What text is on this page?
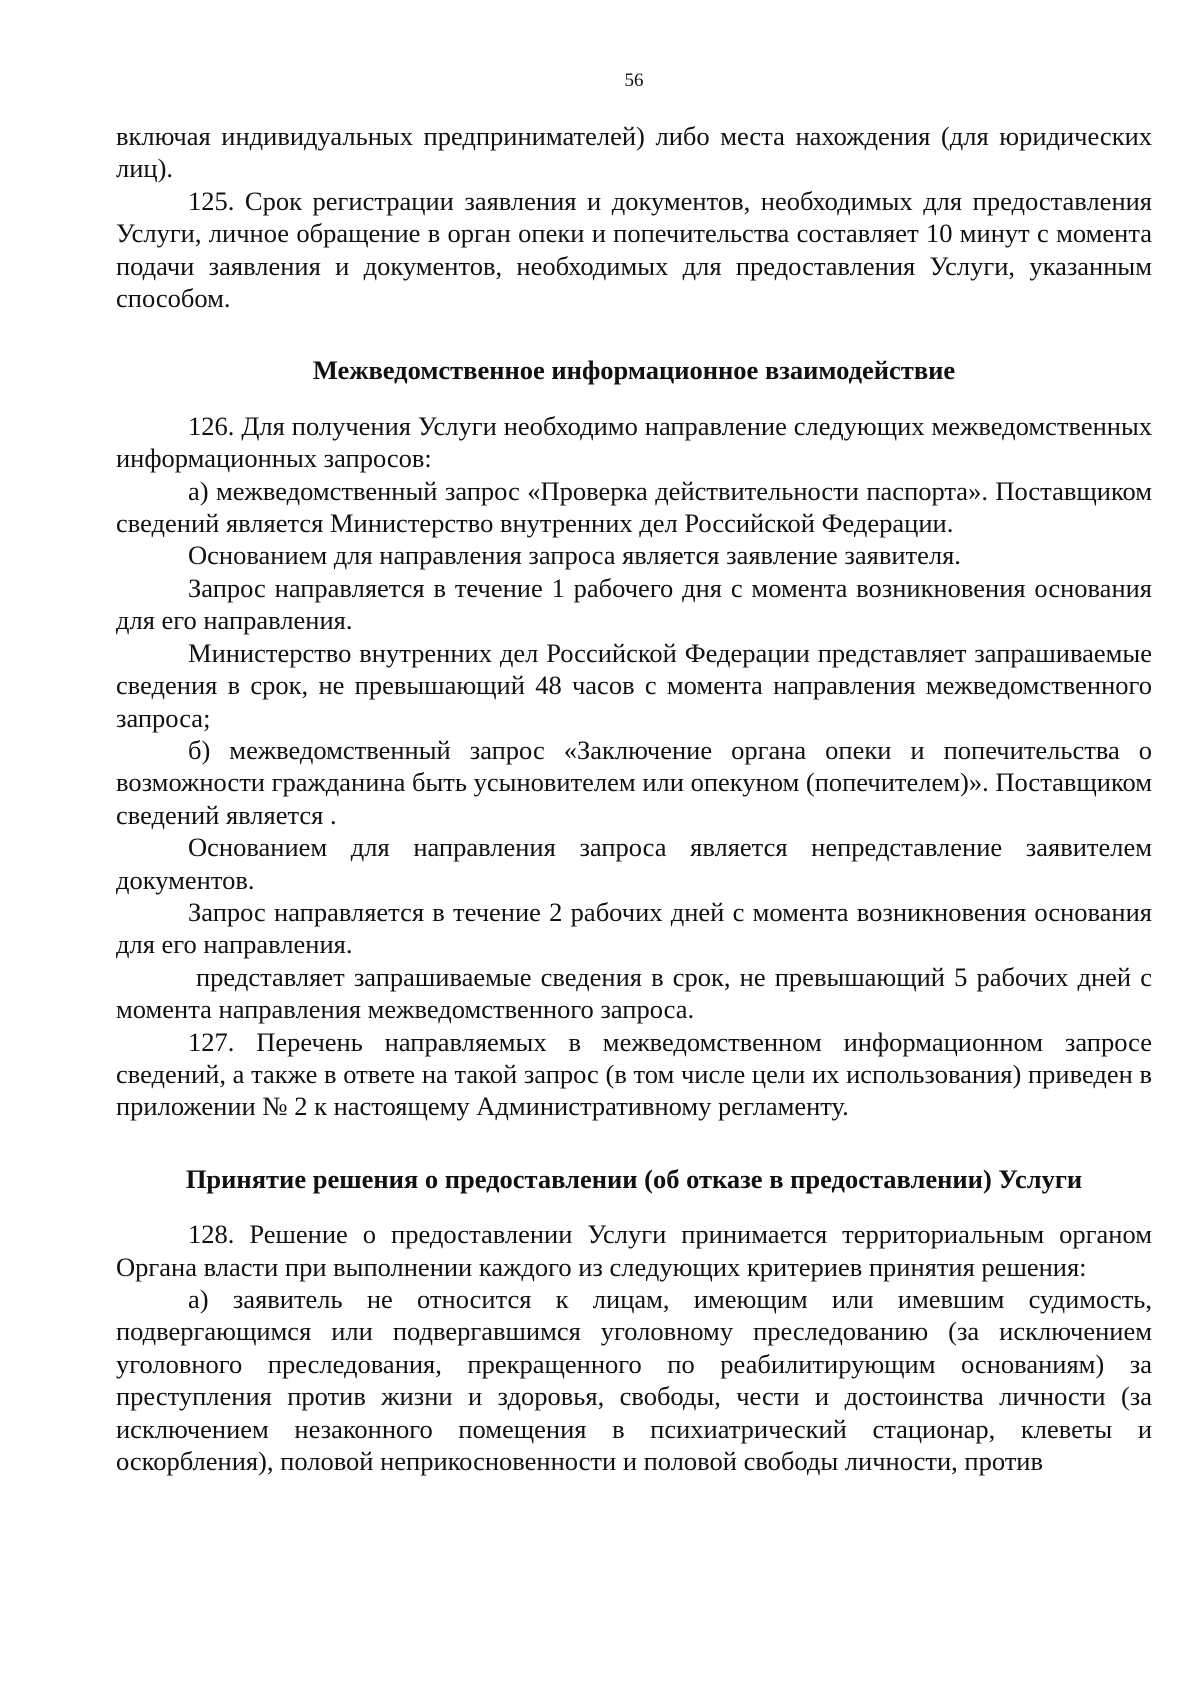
56

включая индивидуальных предпринимателей) либо места нахождения (для юридических лиц).

125. Срок регистрации заявления и документов, необходимых для предоставления Услуги, личное обращение в орган опеки и попечительства составляет 10 минут с момента подачи заявления и документов, необходимых для предоставления Услуги, указанным способом.

Межведомственное информационное взаимодействие

126. Для получения Услуги необходимо направление следующих межведомственных информационных запросов:

а) межведомственный запрос «Проверка действительности паспорта». Поставщиком сведений является Министерство внутренних дел Российской Федерации.

Основанием для направления запроса является заявление заявителя.

Запрос направляется в течение 1 рабочего дня с момента возникновения основания для его направления.

Министерство внутренних дел Российской Федерации представляет запрашиваемые сведения в срок, не превышающий 48 часов с момента направления межведомственного запроса;

б) межведомственный запрос «Заключение органа опеки и попечительства о возможности гражданина быть усыновителем или опекуном (попечителем)». Поставщиком сведений является .

Основанием для направления запроса является непредставление заявителем документов.

Запрос направляется в течение 2 рабочих дней с момента возникновения основания для его направления.

представляет запрашиваемые сведения в срок, не превышающий 5 рабочих дней с момента направления межведомственного запроса.

127. Перечень направляемых в межведомственном информационном запросе сведений, а также в ответе на такой запрос (в том числе цели их использования) приведен в приложении № 2 к настоящему Административному регламенту.

Принятие решения о предоставлении (об отказе в предоставлении) Услуги

128. Решение о предоставлении Услуги принимается территориальным органом Органа власти при выполнении каждого из следующих критериев принятия решения:

а) заявитель не относится к лицам, имеющим или имевшим судимость, подвергающимся или подвергавшимся уголовному преследованию (за исключением уголовного преследования, прекращенного по реабилитирующим основаниям) за преступления против жизни и здоровья, свободы, чести и достоинства личности (за исключением незаконного помещения в психиатрический стационар, клеветы и оскорбления), половой неприкосновенности и половой свободы личности, против
